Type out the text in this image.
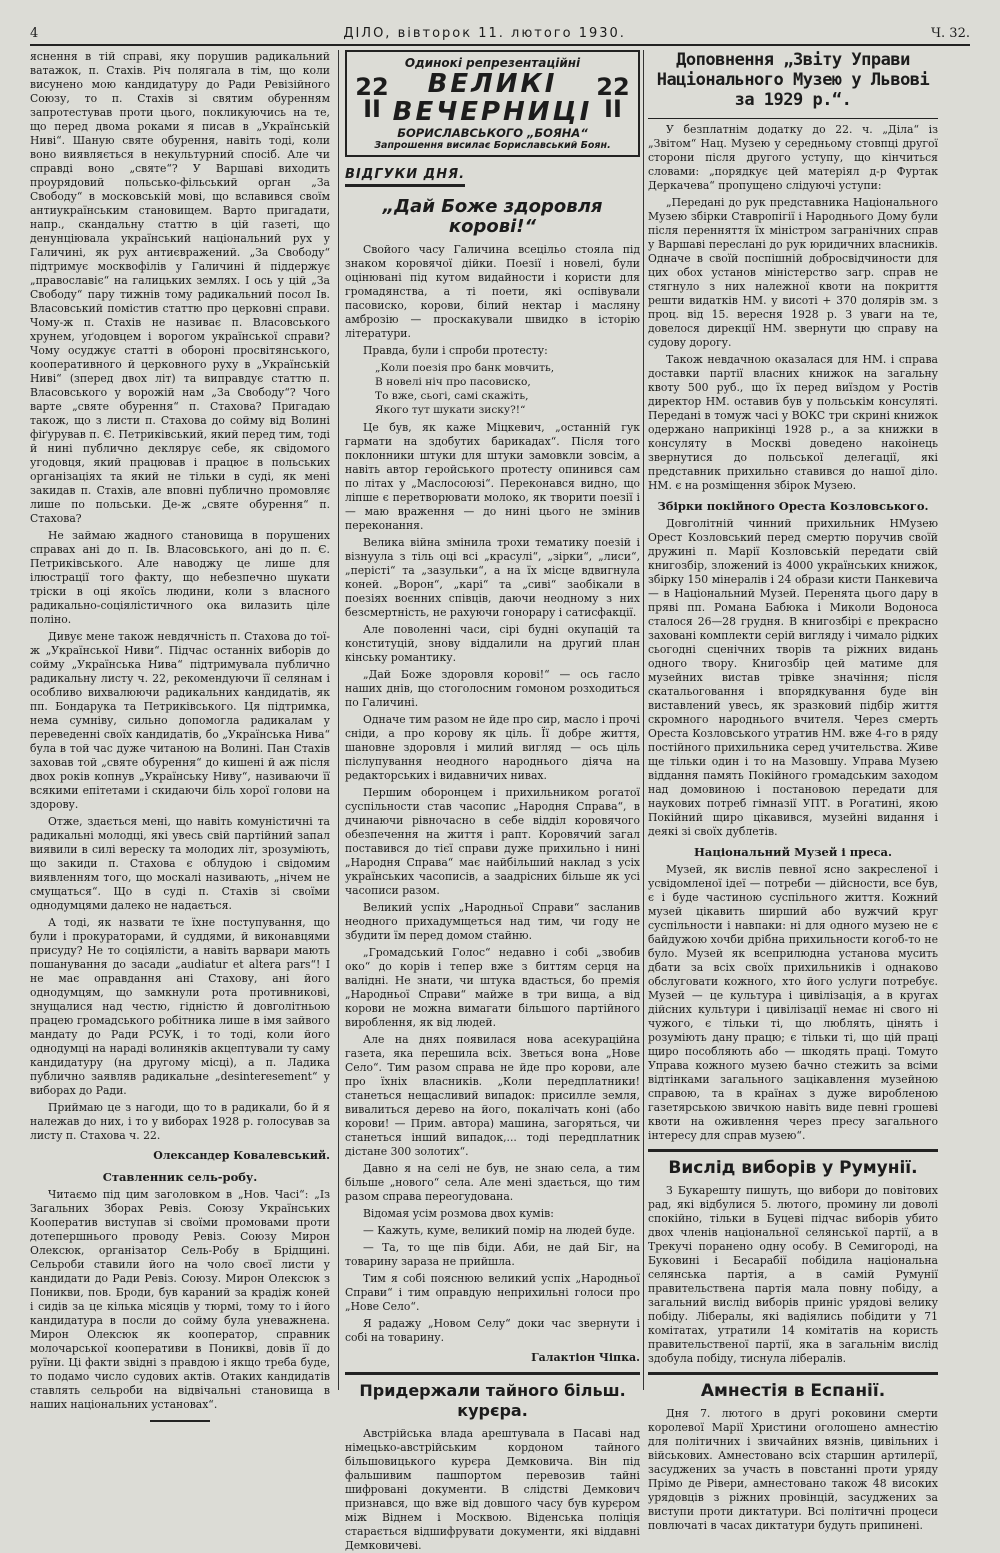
4	ДІЛО, вівторок 11. лютого 1930.	Ч. 32.

яснення в тій справі, яку порушив радикальний ватажок, п. Стахів. Річ полягала в тім, що коли висунено мою кандидатуру до Ради Ревізійного Союзу, то п. Стахів зі святим обуренням запротестував проти цього, покликуючись на те, що перед двома роками я писав в „Українській Ниві“. Шаную святе обурення, навіть тоді, коли воно виявляється в некультурний спосіб. Але чи справді воно „святе“? У Варшаві виходить проурядовий польсько-фільський орган „За Свободу“ в московській мові, що вславився своїм антиукраїнським становищем. Варто пригадати, напр., скандальну статтю в цій газеті, що денунціювала український національний рух у Галичині, як рух антиєвражений. „За Свободу“ підтримує москвофілів у Галичині й піддержує „православіє“ на галицьких землях. І ось у цій „За Свободу“ пару тижнів тому радикальний посол Ів. Власовський помістив статтю про церковні справи. Чому-ж п. Стахів не називає п. Власовського хрунем, уґодовцем і ворогом української справи? Чому осуджує статті в обороні просвітянського, кооперативного й церковного руху в „Українській Ниві“ (зперед двох літ) та виправдує статтю п. Власовського у ворожій нам „За Свободу“? Чого варте „святе обурення“ п. Стахова? Пригадаю також, що з листи п. Стахова до сойму від Волині фіґурував п. Є. Петриківський, який перед тим, тоді й нині публично деклярує себе, як свідомого угодовця, який працював і працює в польських організаціях та який не тільки в суді, як мені закидав п. Стахів, але вповні публично промовляє лише по польськи. Де-ж „святе обурення“ п. Стахова?

Не займаю жадного становища в порушених справах ані до п. Ів. Власовського, ані до п. Є. Петриківського. Але наводжу це лише для ілюстрації того факту, що небезпечно шукати тріски в оці якоїсь людини, коли з власного радикально-соціялістичного ока вилазить ціле поліно.

Дивує мене також невдячність п. Стахова до тої-ж „Української Ниви“. Підчас останніх виборів до сойму „Українська Нива“ підтримувала публично радикальну листу ч. 22, рекомендуючи її селянам і особливо вихвалюючи радикальних кандидатів, як пп. Бондарука та Петриківського. Ця підтримка, нема сумніву, сильно допомогла радикалам у переведенні своїх кандидатів, бо „Українська Нива“ була в той час дуже читаною на Волині. Пан Стахів заховав той „святе обурення“ до кишені й аж після двох років копнув „Українську Ниву“, називаючи її всякими епітетами і скидаючи біль хорої голови на здорову.

Отже, здається мені, що навіть комуністичні та радикальні молодці, які увесь свій партійний запал виявили в силі вереску та молодих літ, зрозуміють, що закиди п. Стахова є облудою і свідомим виявленням того, що москалі називають, „нічем не смущаться“. Що в суді п. Стахів зі своїми однодумцями далеко не надається.

А тоді, як назвати те їхне поступування, що були і прокураторами, й суддями, й виконавцями присуду? Не то соціялісти, а навіть варвари мають пошанування до засади „audiatur et altera pars“! І не має оправдання ані Стахову, ані його однодумцям, що замкнули рота противникові, знущалися над честю, гідністю й довголітньою працею громадського робітника лише в імя зайвого мандату до Ради РСУК, і то тоді, коли його однодумці на нараді волиняків акцептували ту саму кандидатуру (на другому місці), а п. Ладика публично заявляв радикальне „desinteresement“ у виборах до Ради.

Приймаю це з нагоди, що то в радикали, бо й я належав до них, і то у виборах 1928 р. голосував за листу п. Стахова ч. 22.

Олександер Ковалевський.
Ставленник сель-робу.

Читаємо під цим заголовком в „Нов. Часі“: „Із Загальних Зборах Ревіз. Союзу Українських Кооператив виступав зі своїми промовами проти дотепершнього проводу Ревіз. Союзу Мирон Олексюк, організатор Сель-Робу в Брідщині. Сельроби ставили його на чоло своєї листи у кандидати до Ради Ревіз. Союзу. Мирон Олексюк з Поникви, пов. Броди, був караний за крадіж коней і сидів за це кілька місяців у тюрмі, тому то і його кандидатура в посли до сойму була уневажнена. Мирон Олексюк як кооператор, справник молочарської кооперативи в Пониквi, довів її до руїни. Ці факти звідні з правдою і якщо треба буде, то подамо число судових актів. Отаких кандидатів ставлять сельроби на відвічальні становища в наших національних установах“.

Одинокі репрезентаційні
22
II
ВЕЛИКІ
ВЕЧЕРНИЦІ
22
II
БОРИСЛАВСЬКОГО „БОЯНА“
Запрошення висилає Бориславський Боян.
ВІДГУКИ ДНЯ.
„Дай Боже здоровля
корові!“

Свойого часу Галичина всецільо стояла під знаком коровячої дійки. Поезії і новелі, були оцінювані під кутом видайности і користи для громадянства, а ті поети, які оспівували пасовиско, корови, білий нектар і масляну амброзію — проскакували швидко в історію літератури.

Правда, були і спроби протесту:

„Коли поезія про банк мовчить,
В новелі ніч про пасовиско,
То вже, сьогі, самі скажіть,
Якого тут шукати зиску?!“

Це був, як каже Міцкевич, „останній гук гармати на здобутих барикадах“. Після того поклонники штуки для штуки замовкли зовсім, а навіть автор геройського протесту опинився сам по літах у „Маслосоюзі“. Переконався видно, що ліпше є перетворювати молоко, як творити поезії і — маю враження — до нині цього не змінив переконання.

Велика війна змінила трохи тематику поезій і візнуула з тіль оці всі „красулі“, „зірки“, „лиси“, „перісті“ та „зазульки“, а на їх місце вдвигнула коней. „Ворон“, „карі“ та „сиві“ заобікали в поезіях воєнних співців, даючи неодному з них безсмертність, не рахуючи гонорару і сатисфакції.

Але поволенні часи, сірі будні окупацій та конституцій, знову віддалили на другий план кінську романтику.

„Дай Боже здоровля корові!“ — ось гасло наших днів, що стоголосним гомоном розходиться по Галичині.

Одначе тим разом не йде про сир, масло і прочі сніди, а про корову як ціль. Її добре життя, шановне здоровля і милий вигляд — ось ціль післупування неодного народнього діяча на редакторських і видавничих нивах.

Першим оборонцем і прихильником рогатої суспільности став часопис „Народня Справа“, в дчинаючи рівночасно в себе віддiл коровячого обезпечення на життя і рапт. Коровячий загал поставився до тієї справи дуже прихильно і нині „Народня Справа“ має найбільший наклад з усіх українських часописів, а заадрісних більше як усі часописи разом.

Великий успіх „Народньої Справи“ засланив неодного прихадумщеться над тим, чи году не збудити їм перед домом стайню.

„Громадський Голос“ недавно і собі „звобив око“ до корів і тепер вже з биттям серця на валідні. Не знати, чи штука вдасться, бо премія „Народньої Справи“ майже в три вища, а від корови не можна вимагати більшого партійного вироблення, як від людей.

Але на днях появилася нова асекураційна газета, яка перешила всіх. Зветься вона „Нове Село“. Тим разом справа не йде про корови, але про їхніх власників. „Коли передплатники! станеться нещасливий випадок: присилле земля, вивалиться дерево на його, покалічать коні (або корови! — Прим. автора) машина, загоряться, чи станеться інший випадок,... тоді передплатник дістане 300 золотих“.

Давно я на селі не був, не знаю села, а тим більше „нового“ села. Але мені здається, що тим разом справа переогудована.

Відомая усім розмова двох кумів:

— Кажуть, куме, великий помір на людей буде.

— Та, то ще пів біди. Аби, не дай Біг, на товарину зараза не прийшла.

Тим я собі пояснюю великий успіх „Народньої Справи“ і тим оправдую неприхильні голоси про „Нове Село“.

Я радажу „Новом Селу“ доки час звернути і собі на товарину.

Галактіон Чіпка.
Придержали тайного більш. курєра.

Австрійська влада арештувала в Пасаві над німецько-австрійським кордоном тайного більшовицького курєра Демковича. Він під фальшивим пашпортом перевозив тайні шифровані документи. В слідстві Демкович признався, що вже від довшого часу був курєром між Віднем і Москвою. Віденська поліція старається відшифрувати документи, які віддавні Демковичеві.

Доповнення „Звіту Управи Національного Музею у Львові за 1929 р.“.

У безплатнім додатку до 22. ч. „Діла“ із „Звітом“ Нац. Музею у середньому стовпці другої сторони після другого уступу, що кінчиться словами: „порядкує цей матеріял д-р Фуртак Деркачева“ пропущено слідуючі уступи:

„Передані до рук представника Національного Музею збірки Ставропігії і Народнього Дому були після перенняття їх міністром загранічних справ у Варшаві переслані до рук юридичних власників. Одначе в своїй поспішній добросвідчиности для цих обох установ міністерство загр. справ не стягнуло з них належної квоти на покриття решти видатків НМ. у висоті + 370 долярів зм. з проц. від 15. вересня 1928 р. З уваги на те, довелося дирекції НМ. звернути цю справу на судову дорогу.

Також невдачною оказалася для НМ. і справа доставки партії власних книжок на загальну квоту 500 руб., що їх перед виїздом у Ростів директор НМ. оставив був у польськім консуляті. Передані в томуж часі у ВОКС три скрині книжок одержано наприкінці 1928 р., а за книжки в консуляту в Москві доведено накоінець звернутися до польської делегації, які представник прихильно ставився до нашої діло. НМ. є на розміщення збірок Музею.

Збірки покійного Ореста Козловського.

Довголітній чинний прихильник НМузею Орест Козловський перед смертю поручив своїй дружині п. Марії Козловській передати свій книгозбір, зложений із 4000 українських книжок, збірку 150 мінералів і 24 образи кисти Панкевича — в Національний Музей. Перенята цього дару в пряві пп. Романа Бабюка і Миколи Водоноса сталося 26—28 грудня. В книгозбірі є прекрасно заховані комплекти серій вигляду і чимало рідких сьогодні сценічних творів та ріжних видань одного твору. Книгозбір цей матиме для музейних вистав трівке значіння; після скатальоговання і впорядкування буде він виставлений увесь, як зразковий підбір життя скромного народнього вчителя. Через смерть Ореста Козловського утратив НМ. вже 4-го в ряду постійного прихильника серед учительства. Живе ще тільки один і то на Мазовшу. Управа Музею віддання память Покійного громадським заходом над домовиною і постановою передати для наукових потреб гімназії УПТ. в Рогатині, якою Покійний щиро цікавився, музейні видання і деякі зі своїх дублетів.

Національний Музей і преса.

Музей, як вислів певної ясно закресленої і усвідомленої ідеї — потреби — дійсности, все був, є і буде частиною суспільного життя. Кожний музей цікавить ширший або вужчий круг суспільности і навпаки: ні для одного музею не є байдужою хочби дрібна прихильности когоб-то не було. Музей як всеприлюдна установа мусить дбати за всіх своїх прихильників і однаково обслуговати кожного, хто його услуги потребує. Музей — це культура і цивілізація, а в кругах дійсних культури і цивілізації немає ні свого ні чужого, є тільки ті, що люблять, цінять і розуміють дану працю; є тільки ті, що цій праці щиро пособляють або — шкодять праці. Томуто Управа кожного музею бачно стежить за всіми відтінками загального зацікавлення музейною справою, та в країнах з дуже виробленою газетярською звичкою навіть виде певні грошеві квоти на оживлення через пресу загального інтересу для справ музею“.

Вислід виборів у Румунії.

З Букарешту пишуть, що вибори до повітових рад, які відбулися 5. лютого, промину ли доволі спокійно, тільки в Буцеві підчас виборів убито двох членів національної селянської партії, а в Трекучі поранено одну особу. В Семигороді, на Буковині і Бесарабії побідила національна селянська партія, а в самій Румунії правительствена партія мала повну побіду, а загальний вислід виборів приніс урядові велику побіду. Лібералы, які вадіялись побідити у 71 комітатах, утратили 14 комітатів на користь правительственої партії, яка в загальнім вислід здобула побіду, тиснула лібералів.

Амнестія в Еспанії.

Дня 7. лютого в другі роковини смерти королевої Марії Христини оголошено амнестію для політичних і звичайних вязнів, цивільних і військових. Амнестовано всіх старшин артилерії, засуджених за участь в повстанні проти уряду Прімо де Рівери, амнестовано також 48 високих урядовців з ріжних провінцій, засуджених за виступи проти диктатури. Всі політичні процеси повлючаті в часах диктатури будуть припинені.
